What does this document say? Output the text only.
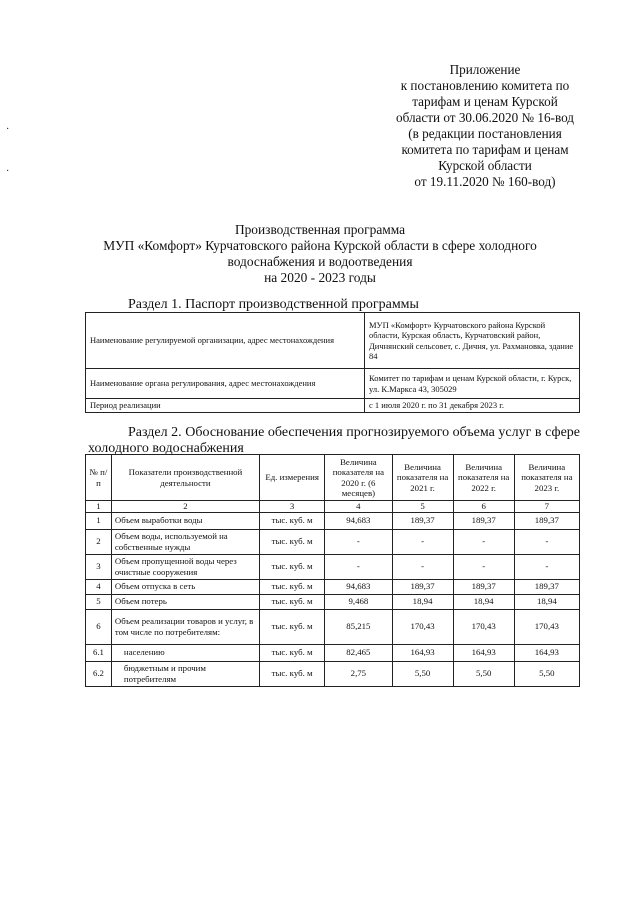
·
·
Приложение
к постановлению комитета по
тарифам и ценам Курской
области от 30.06.2020 № 16-вод
(в редакции постановления
комитета по тарифам и ценам
Курской области
от 19.11.2020 № 160-вод)
Производственная программа
МУП «Комфорт» Курчатовского района Курской области в сфере холодного
водоснабжения и водоотведения
на 2020 - 2023 годы
Раздел 1. Паспорт производственной программы
Наименование регулируемой организации, адрес местонахождения	МУП «Комфорт» Курчатовского района Курской области, Курская область, Курчатовский район, Дичнянский сельсовет, с. Дичня, ул. Рахмановка, здание 84
Наименование органа регулирования, адрес местонахождения	Комитет по тарифам и ценам Курской области, г. Курск, ул. К.Маркса 43, 305029
Период реализации	с 1 июля 2020 г. по 31 декабря 2023 г.
Раздел 2. Обоснование обеспечения прогнозируемого объема услуг в сфере холодного водоснабжения
№ п/п	Показатели производственной деятельности	Ед. измерения	Величина показателя на 2020 г. (6 месяцев)	Величина показателя на 2021 г.	Величина показателя на 2022 г.	Величина показателя на 2023 г.
1	2	3	4	5	6	7
1	Объем выработки воды	тыс. куб. м	94,683	189,37	189,37	189,37
2	Объем воды, используемой на собственные нужды	тыс. куб. м	-	-	-	-
3	Объем пропущенной воды через очистные сооружения	тыс. куб. м	-	-	-	-
4	Объем отпуска в сеть	тыс. куб. м	94,683	189,37	189,37	189,37
5	Объем потерь	тыс. куб. м	9,468	18,94	18,94	18,94
6	Объем реализации товаров и услуг, в том числе по потребителям:	тыс. куб. м	85,215	170,43	170,43	170,43
6.1	населению	тыс. куб. м	82,465	164,93	164,93	164,93
6.2	бюджетным и прочим потребителям	тыс. куб. м	2,75	5,50	5,50	5,50
